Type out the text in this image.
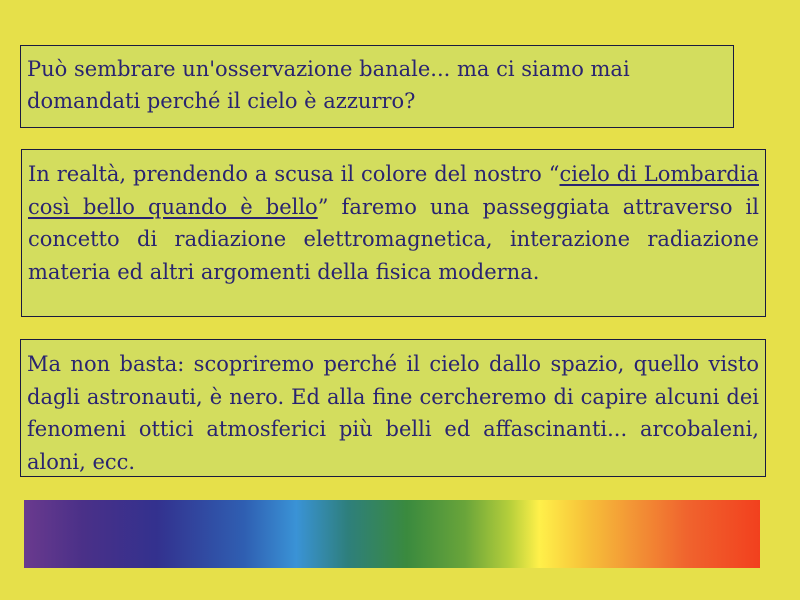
Può sembrare un'osservazione banale... ma ci siamo mai domandati perché il cielo è azzurro?
In realtà, prendendo a scusa il colore del nostro “cielo di Lombardia così bello quando è bello” faremo una passeggiata attraverso il concetto di radiazione elettromagnetica, interazione radiazione materia ed altri argomenti della fisica moderna.
Ma non basta: scopriremo perché il cielo dallo spazio, quello visto dagli astronauti, è nero. Ed alla fine cercheremo di capire alcuni dei fenomeni ottici atmosferici più belli ed affascinanti... arcobaleni, aloni, ecc.
